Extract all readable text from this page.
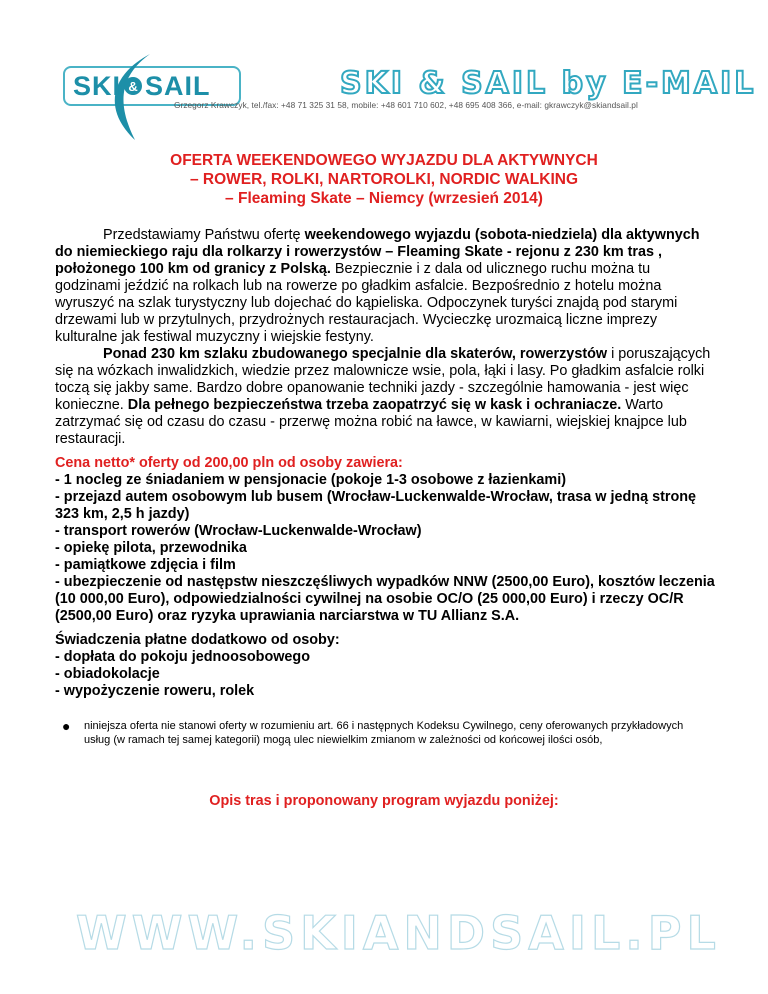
SKI & SAIL	SKI & SAIL by E-MAIL
Grzegorz Krawczyk, tel./fax: +48 71 325 31 58, mobile: +48 601 710 602, +48 695 408 366, e-mail: gkrawczyk@skiandsail.pl
OFERTA WEEKENDOWEGO WYJAZDU DLA AKTYWNYCH
– ROWER, ROLKI, NARTOROLKI, NORDIC WALKING
– Fleaming Skate – Niemcy (wrzesień 2014)

Przedstawiamy Państwu ofertę weekendowego wyjazdu (sobota-niedziela) dla aktywnych do niemieckiego raju dla rolkarzy i rowerzystów – Fleaming Skate - rejonu z 230 km tras , położonego 100 km od granicy z Polską. Bezpiecznie i z dala od ulicznego ruchu można tu godzinami jeździć na rolkach lub na rowerze po gładkim asfalcie. Bezpośrednio z hotelu można wyruszyć na szlak turystyczny lub dojechać do kąpieliska. Odpoczynek turyści znajdą pod starymi drzewami lub w przytulnych, przydrożnych restauracjach. Wycieczkę urozmaicą liczne imprezy kulturalne jak festiwal muzyczny i wiejskie festyny.

Ponad 230 km szlaku zbudowanego specjalnie dla skaterów, rowerzystów i poruszających się na wózkach inwalidzkich, wiedzie przez malownicze wsie, pola, łąki i lasy. Po gładkim asfalcie rolki toczą się jakby same. Bardzo dobre opanowanie techniki jazdy - szczególnie hamowania - jest więc konieczne. Dla pełnego bezpieczeństwa trzeba zaopatrzyć się w kask i ochraniacze. Warto zatrzymać się od czasu do czasu - przerwę można robić na ławce, w kawiarni, wiejskiej knajpce lub restauracji.

Cena netto* oferty od 200,00 pln od osoby zawiera:
- 1 nocleg ze śniadaniem w pensjonacie (pokoje 1-3 osobowe z łazienkami)
- przejazd autem osobowym lub busem (Wrocław-Luckenwalde-Wrocław, trasa w jedną stronę 323 km, 2,5 h jazdy)
- transport rowerów (Wrocław-Luckenwalde-Wrocław)
- opiekę pilota, przewodnika
- pamiątkowe zdjęcia i film
- ubezpieczenie od następstw nieszczęśliwych wypadków NNW (2500,00 Euro), kosztów leczenia (10 000,00 Euro), odpowiedzialności cywilnej na osobie OC/O (25 000,00 Euro) i rzeczy OC/R (2500,00 Euro) oraz ryzyka uprawiania narciarstwa w TU Allianz S.A.
Świadczenia płatne dodatkowo od osoby:
- dopłata do pokoju jednoosobowego
- obiadokolacje
- wypożyczenie roweru, rolek
● niniejsza oferta nie stanowi oferty w rozumieniu art. 66 i następnych Kodeksu Cywilnego, ceny oferowanych przykładowych usług (w ramach tej samej kategorii) mogą ulec niewielkim zmianom w zależności od końcowej ilości osób,
Opis tras i proponowany program wyjazdu poniżej:
WWW.SKIANDSAIL.PL
